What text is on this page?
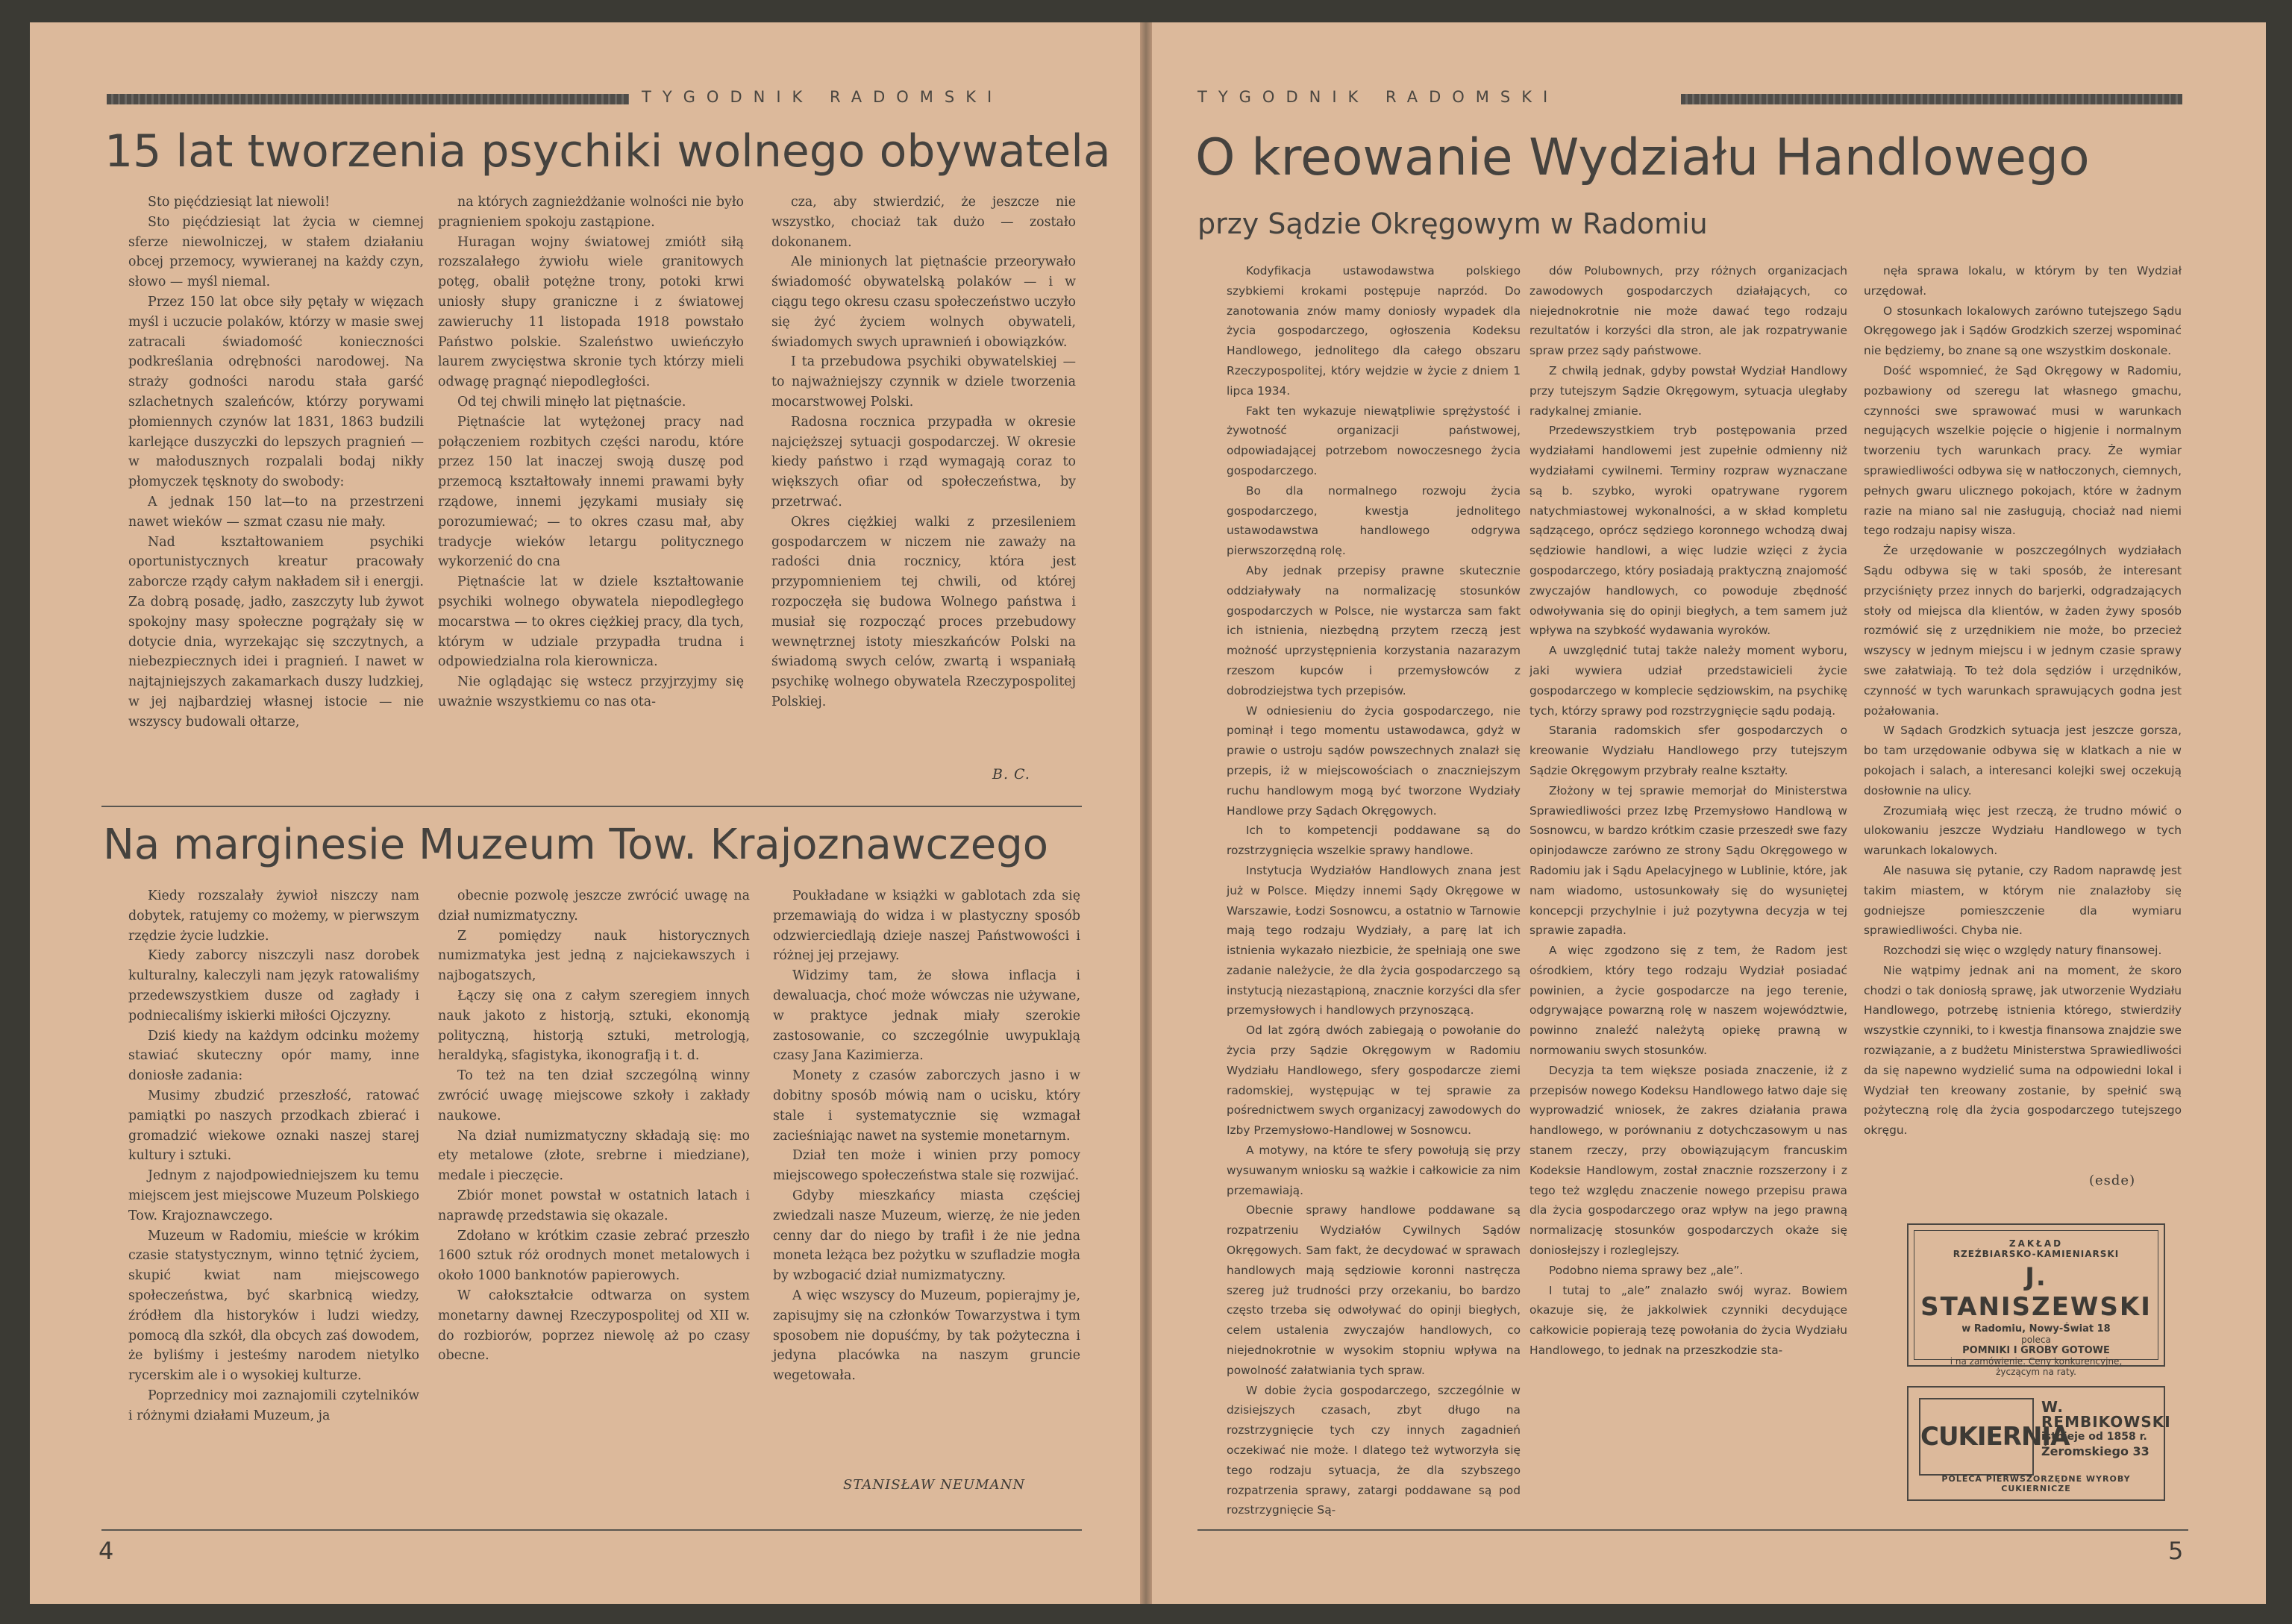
TYGODNIK RADOMSKI	TYGODNIK RADOMSKI
15 lat tworzenia psychiki wolnego obywatela

Sto pięćdziesiąt lat niewoli!

Sto pięćdziesiąt lat życia w ciemnej sferze niewolniczej, w stałem działaniu obcej przemocy, wywieranej na każdy czyn, słowo — myśl niemal.

Przez 150 lat obce siły pętały w więzach myśl i uczucie polaków, którzy w masie swej zatracali świadomość konieczności podkreślania odrębności narodowej. Na straży godności narodu stała garść szlachetnych szaleńców, którzy porywami płomiennych czynów lat 1831, 1863 budzili karlejące duszyczki do lepszych pragnień — w małodusznych rozpalali bodaj nikły płomyczek tęsknoty do swobody:

A jednak 150 lat—to na przestrzeni nawet wieków — szmat czasu nie mały.

Nad kształtowaniem psychiki oportunistycznych kreatur pracowały zaborcze rządy całym nakładem sił i energji. Za dobrą posadę, jadło, zaszczyty lub żywot spokojny masy społeczne pogrążały się w dotycie dnia, wyrzekając się szczytnych, a niebezpiecznych idei i pragnień. I nawet w najtajniejszych zakamarkach duszy ludzkiej, w jej najbardziej własnej istocie — nie wszyscy budowali ołtarze,

na których zagnieżdżanie wolności nie było pragnieniem spokoju zastąpione.

Huragan wojny światowej zmiótł siłą rozszalałego żywiołu wiele granitowych potęg, obalił potężne trony, potoki krwi uniosły słupy graniczne i z światowej zawieruchy 11 listopada 1918 powstało Państwo polskie. Szaleństwo uwieńczyło laurem zwycięstwa skronie tych którzy mieli odwagę pragnąć niepodległości.

Od tej chwili minęło lat piętnaście.

Piętnaście lat wytężonej pracy nad połączeniem rozbitych części narodu, które przez 150 lat inaczej swoją duszę pod przemocą kształtowały innemi prawami były rządowe, innemi językami musiały się porozumiewać; — to okres czasu mał, aby tradycje wieków letargu politycznego wykorzenić do cna

Piętnaście lat w dziele kształtowanie psychiki wolnego obywatela niepodległego mocarstwa — to okres ciężkiej pracy, dla tych, którym w udziale przypadła trudna i odpowiedzialna rola kierownicza.

Nie oglądając się wstecz przyjrzyjmy się uważnie wszystkiemu co nas ota-

cza, aby stwierdzić, że jeszcze nie wszystko, chociaż tak dużo — zostało dokonanem.

Ale minionych lat piętnaście przeorywało świadomość obywatelską polaków — i w ciągu tego okresu czasu społeczeństwo uczyło się żyć życiem wolnych obywateli, świadomych swych uprawnień i obowiązków.

I ta przebudowa psychiki obywatelskiej — to najważniejszy czynnik w dziele tworzenia mocarstwowej Polski.

Radosna rocznica przypadła w okresie najcięższej sytuacji gospodarczej. W okresie kiedy państwo i rząd wymagają coraz to większych ofiar od społeczeństwa, by przetrwać.

Okres ciężkiej walki z przesileniem gospodarczem w niczem nie zaważy na radości dnia rocznicy, która jest przypomnieniem tej chwili, od której rozpoczęła się budowa Wolnego państwa i musiał się rozpocząć proces przebudowy wewnętrznej istoty mieszkańców Polski na świadomą swych celów, zwartą i wspaniałą psychikę wolnego obywatela Rzeczypospolitej Polskiej.

B. C.
Na marginesie Muzeum Tow. Krajoznawczego

Kiedy rozszalały żywioł niszczy nam dobytek, ratujemy co możemy, w pierwszym rzędzie życie ludzkie.

Kiedy zaborcy niszczyli nasz dorobek kulturalny, kaleczyli nam język ratowaliśmy przedewszystkiem dusze od zagłady i podniecaliśmy iskierki miłości Ojczyzny.

Dziś kiedy na każdym odcinku możemy stawiać skuteczny opór mamy, inne doniosłe zadania:

Musimy zbudzić przeszłość, ratować pamiątki po naszych przodkach zbierać i gromadzić wiekowe oznaki naszej starej kultury i sztuki.

Jednym z najodpowiedniejszem ku temu miejscem jest miejscowe Muzeum Polskiego Tow. Krajoznawczego.

Muzeum w Radomiu, mieście w krókim czasie statystycznym, winno tętnić życiem, skupić kwiat nam miejscowego społeczeństwa, być skarbnicą wiedzy, źródłem dla historyków i ludzi wiedzy, pomocą dla szkół, dla obcych zaś dowodem, że byliśmy i jesteśmy narodem nietylko rycerskim ale i o wysokiej kulturze.

Poprzednicy moi zaznajomili czytelników i różnymi działami Muzeum, ja

obecnie pozwolę jeszcze zwrócić uwagę na dział numizmatyczny.

Z pomiędzy nauk historycznych numizmatyka jest jedną z najciekawszych i najbogatszych,

Łączy się ona z całym szeregiem innych nauk jakoto z historją, sztuki, ekonomją polityczną, historją sztuki, metrologją, heraldyką, sfagistyka, ikonografją i t. d.

To też na ten dział szczególną winny zwrócić uwagę miejscowe szkoły i zakłady naukowe.

Na dział numizmatyczny składają się: mo ety metalowe (złote, srebrne i miedziane), medale i pieczęcie.

Zbiór monet powstał w ostatnich latach i naprawdę przedstawia się okazale.

Zdołano w krótkim czasie zebrać przeszło 1600 sztuk róż orodnych monet metalowych i około 1000 banknotów papierowych.

W całokształcie odtwarza on system monetarny dawnej Rzeczypospolitej od XII w. do rozbiorów, poprzez niewolę aż po czasy obecne.

Poukładane w książki w gablotach zda się przemawiają do widza i w plastyczny sposób odzwierciedlają dzieje naszej Państwowości i różnej jej przejawy.

Widzimy tam, że słowa inflacja i dewaluacja, choć może wówczas nie używane, w praktyce jednak miały szerokie zastosowanie, co szczególnie uwypuklają czasy Jana Kazimierza.

Monety z czasów zaborczych jasno i w dobitny sposób mówią nam o ucisku, który stale i systematycznie się wzmagał zacieśniając nawet na systemie monetarnym.

Dział ten może i winien przy pomocy miejscowego społeczeństwa stale się rozwijać.

Gdyby mieszkańcy miasta częściej zwiedzali nasze Muzeum, wierzę, że nie jeden cenny dar do niego by trafił i że nie jedna moneta leżąca bez pożytku w szufladzie mogła by wzbogacić dział numizmatyczny.

A więc wszyscy do Muzeum, popierajmy je, zapisujmy się na członków Towarzystwa i tym sposobem nie dopuśćmy, by tak pożyteczna i jedyna placówka na naszym gruncie wegetowała.

STANISŁAW NEUMANN
4
O kreowanie Wydziału Handlowego
przy Sądzie Okręgowym w Radomiu

Kodyfikacja ustawodawstwa polskiego szybkiemi krokami postępuje naprzód. Do zanotowania znów mamy doniosły wypadek dla życia gospodarczego, ogłoszenia Kodeksu Handlowego, jednolitego dla całego obszaru Rzeczypospolitej, który wejdzie w życie z dniem 1 lipca 1934.

Fakt ten wykazuje niewątpliwie sprężystość i żywotność organizacji państwowej, odpowiadającej potrzebom nowoczesnego życia gospodarczego.

Bo dla normalnego rozwoju życia gospodarczego, kwestja jednolitego ustawodawstwa handlowego odgrywa pierwszorzędną rolę.

Aby jednak przepisy prawne skutecznie oddziaływały na normalizację stosunków gospodarczych w Polsce, nie wystarcza sam fakt ich istnienia, niezbędną przytem rzeczą jest możność uprzystępnienia korzystania nazarazym rzeszom kupców i przemysłowców z dobrodziejstwa tych przepisów.

W odniesieniu do życia gospodarczego, nie pominął i tego momentu ustawodawca, gdyż w prawie o ustroju sądów powszechnych znalazł się przepis, iż w miejscowościach o znaczniejszym ruchu handlowym mogą być tworzone Wydziały Handlowe przy Sądach Okręgowych.

Ich to kompetencji poddawane są do rozstrzygnięcia wszelkie sprawy handlowe.

Instytucja Wydziałów Handlowych znana jest już w Polsce. Między innemi Sądy Okręgowe w Warszawie, Łodzi Sosnowcu, a ostatnio w Tarnowie mają tego rodzaju Wydziały, a parę lat ich istnienia wykazało niezbicie, że spełniają one swe zadanie należycie, że dla życia gospodarczego są instytucją niezastąpioną, znacznie korzyści dla sfer przemysłowych i handlowych przynoszącą.

Od lat zgórą dwóch zabiegają o powołanie do życia przy Sądzie Okręgowym w Radomiu Wydziału Handlowego, sfery gospodarcze ziemi radomskiej, występując w tej sprawie za pośrednictwem swych organizacyj zawodowych do Izby Przemysłowo-Handlowej w Sosnowcu.

A motywy, na które te sfery powołują się przy wysuwanym wniosku są ważkie i całkowicie za nim przemawiają.

Obecnie sprawy handlowe poddawane są rozpatrzeniu Wydziałów Cywilnych Sądów Okręgowych. Sam fakt, że decydować w sprawach handlowych mają sędziowie koronni nastręcza szereg już trudności przy orzekaniu, bo bardzo często trzeba się odwoływać do opinji biegłych, celem ustalenia zwyczajów handlowych, co niejednokrotnie w wysokim stopniu wpływa na powolność załatwiania tych spraw.

W dobie życia gospodarczego, szczególnie w dzisiejszych czasach, zbyt długo na rozstrzygnięcie tych czy innych zagadnień oczekiwać nie może. I dlatego też wytworzyła się tego rodzaju sytuacja, że dla szybszego rozpatrzenia sprawy, zatargi poddawane są pod rozstrzygnięcie Są-

dów Polubownych, przy różnych organizacjach zawodowych gospodarczych działających, co niejednokrotnie nie może dawać tego rodzaju rezultatów i korzyści dla stron, ale jak rozpatrywanie spraw przez sądy państwowe.

Z chwilą jednak, gdyby powstał Wydział Handlowy przy tutejszym Sądzie Okręgowym, sytuacja uległaby radykalnej zmianie.

Przedewszystkiem tryb postępowania przed wydziałami handlowemi jest zupełnie odmienny niż wydziałami cywilnemi. Terminy rozpraw wyznaczane są b. szybko, wyroki opatrywane rygorem natychmiastowej wykonalności, a w skład kompletu sądzącego, oprócz sędziego koronnego wchodzą dwaj sędziowie handlowi, a więc ludzie wzięci z życia gospodarczego, który posiadają praktyczną znajomość zwyczajów handlowych, co powoduje zbędność odwoływania się do opinji biegłych, a tem samem już wpływa na szybkość wydawania wyroków.

A uwzględnić tutaj także należy moment wyboru, jaki wywiera udział przedstawicieli życie gospodarczego w komplecie sędziowskim, na psychikę tych, którzy sprawy pod rozstrzygnięcie sądu podają.

Starania radomskich sfer gospodarczych o kreowanie Wydziału Handlowego przy tutejszym Sądzie Okręgowym przybrały realne kształty.

Złożony w tej sprawie memorjał do Ministerstwa Sprawiedliwości przez Izbę Przemysłowo Handlową w Sosnowcu, w bardzo krótkim czasie przeszedł swe fazy opinjodawcze zarówno ze strony Sądu Okręgowego w Radomiu jak i Sądu Apelacyjnego w Lublinie, które, jak nam wiadomo, ustosunkowały się do wysuniętej koncepcji przychylnie i już pozytywna decyzja w tej sprawie zapadła.

A więc zgodzono się z tem, że Radom jest ośrodkiem, który tego rodzaju Wydział posiadać powinien, a życie gospodarcze na jego terenie, odgrywające powarzną rolę w naszem województwie, powinno znaleźć należytą opiekę prawną w normowaniu swych stosunków.

Decyzja ta tem większe posiada znaczenie, iż z przepisów nowego Kodeksu Handlowego łatwo daje się wyprowadzić wniosek, że zakres działania prawa handlowego, w porównaniu z dotychczasowym u nas stanem rzeczy, przy obowiązującym francuskim Kodeksie Handlowym, został znacznie rozszerzony i z tego też względu znaczenie nowego przepisu prawa dla życia gospodarczego oraz wpływ na jego prawną normalizację stosunków gospodarczych okaże się doniosłejszy i rozleglejszy.

Podobno niema sprawy bez „ale”.

I tutaj to „ale” znalazło swój wyraz. Bowiem okazuje się, że jakkolwiek czynniki decydujące całkowicie popierają tezę powołania do życia Wydziału Handlowego, to jednak na przeszkodzie sta-

nęła sprawa lokalu, w którym by ten Wydział urzędował.

O stosunkach lokalowych zarówno tutejszego Sądu Okręgowego jak i Sądów Grodzkich szerzej wspominać nie będziemy, bo znane są one wszystkim doskonale.

Dość wspomnieć, że Sąd Okręgowy w Radomiu, pozbawiony od szeregu lat własnego gmachu, czynności swe sprawować musi w warunkach negujących wszelkie pojęcie o higjenie i normalnym tworzeniu tych warunkach pracy. Że wymiar sprawiedliwości odbywa się w natłoczonych, ciemnych, pełnych gwaru ulicznego pokojach, które w żadnym razie na miano sal nie zasługują, chociaż nad niemi tego rodzaju napisy wisza.

Że urzędowanie w poszczególnych wydziałach Sądu odbywa się w taki sposób, że interesant przyciśnięty przez innych do barjerki, odgradzających stoły od miejsca dla klientów, w żaden żywy sposób rozmówić się z urzędnikiem nie może, bo przecież wszyscy w jednym miejscu i w jednym czasie sprawy swe załatwiają. To też dola sędziów i urzędników, czynność w tych warunkach sprawujących godna jest pożałowania.

W Sądach Grodzkich sytuacja jest jeszcze gorsza, bo tam urzędowanie odbywa się w klatkach a nie w pokojach i salach, a interesanci kolejki swej oczekują dosłownie na ulicy.

Zrozumiałą więc jest rzeczą, że trudno mówić o ulokowaniu jeszcze Wydziału Handlowego w tych warunkach lokalowych.

Ale nasuwa się pytanie, czy Radom naprawdę jest takim miastem, w którym nie znalazłoby się godniejsze pomieszczenie dla wymiaru sprawiedliwości. Chyba nie.

Rozchodzi się więc o względy natury finansowej.

Nie wątpimy jednak ani na moment, że skoro chodzi o tak doniosłą sprawę, jak utworzenie Wydziału Handlowego, potrzebę istnienia którego, stwierdziły wszystkie czynniki, to i kwestja finansowa znajdzie swe rozwiązanie, a z budżetu Ministerstwa Sprawiedliwości da się napewno wydzielić suma na odpowiedni lokal i Wydział ten kreowany zostanie, by spełnić swą pożyteczną rolę dla życia gospodarczego tutejszego okręgu.

(esde)
ZAKŁAD
RZEŹBIARSKO-KAMIENIARSKI
J. STANISZEWSKI
w Radomiu, Nowy-Świat 18
poleca
POMNIKI I GROBY GOTOWE
i na zamówienie. Ceny konkurencyjne, życzącym na raty.
CUKIERNIA
W. REMBIKOWSKI
istnieje od 1858 r.
Żeromskiego 33
POLECA PIERWSZORZĘDNE WYROBY CUKIERNICZE
5
